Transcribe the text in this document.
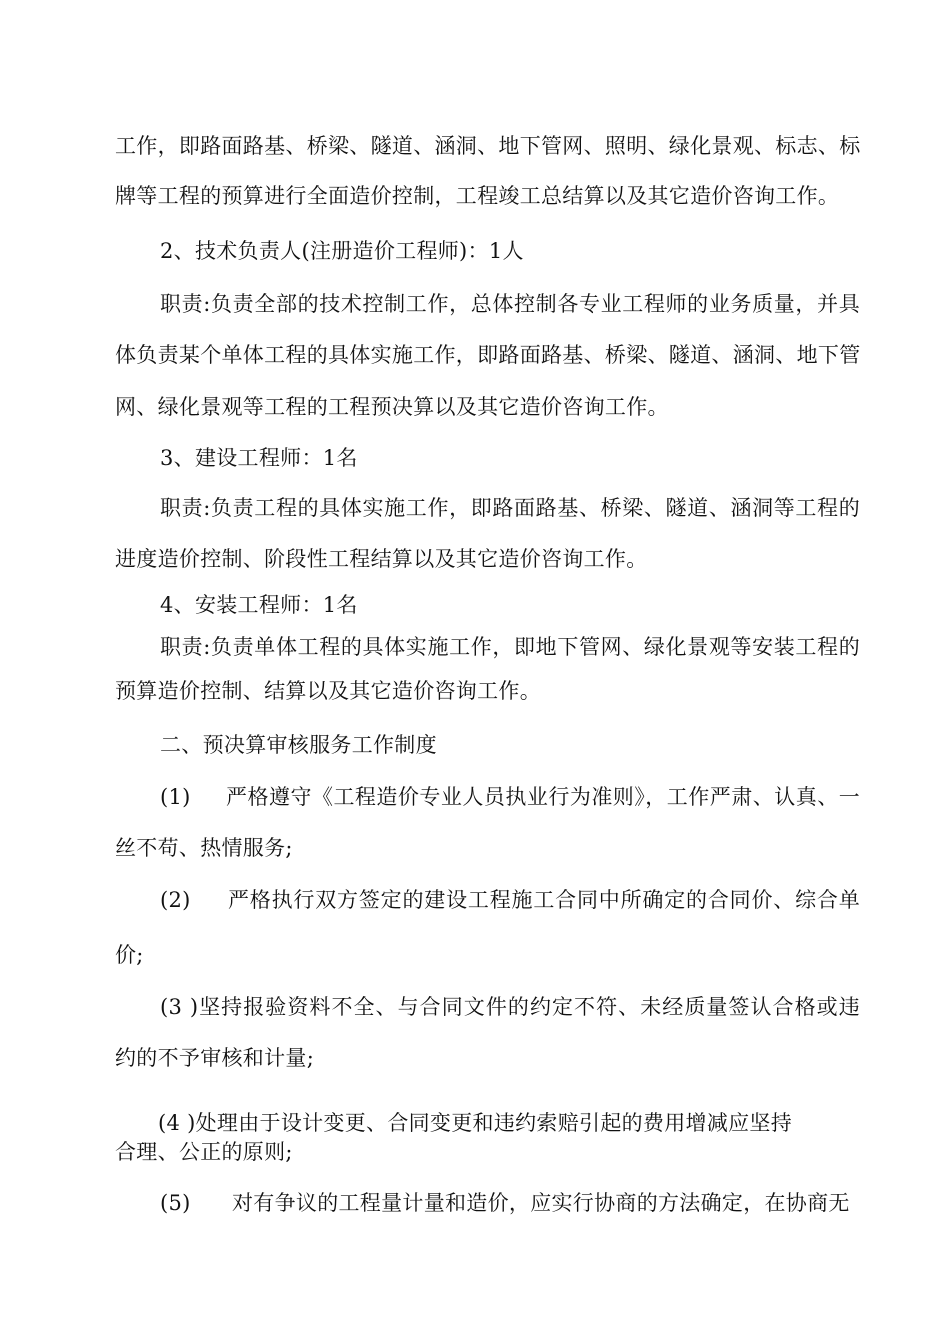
工作，即路面路基、桥梁、隧道、涵洞、地下管网、照明、绿化景观、标志、标
牌等工程的预算进行全面造价控制，工程竣工总结算以及其它造价咨询工作。
2、技术负责人(注册造价工程师)：1人
职责:负责全部的技术控制工作，总体控制各专业工程师的业务质量，并具
体负责某个单体工程的具体实施工作，即路面路基、桥梁、隧道、涵洞、地下管
网、绿化景观等工程的工程预决算以及其它造价咨询工作。
3、建设工程师：1名
职责:负责工程的具体实施工作，即路面路基、桥梁、隧道、涵洞等工程的
进度造价控制、阶段性工程结算以及其它造价咨询工作。
4、安装工程师：1名
职责:负责单体工程的具体实施工作，即地下管网、绿化景观等安装工程的
预算造价控制、结算以及其它造价咨询工作。
二、预决算审核服务工作制度
(1) 严格遵守《工程造价专业人员执业行为准则》，工作严肃、认真、一
丝不苟、热情服务;
(2) 严格执行双方签定的建设工程施工合同中所确定的合同价、综合单
价;
(3 )坚持报验资料不全、与合同文件的约定不符、未经质量签认合格或违
约的不予审核和计量;
(4 )处理由于设计变更、合同变更和违约索赔引起的费用增减应坚持
合理、公正的原则;
(5) 对有争议的工程量计量和造价，应实行协商的方法确定，在协商无
